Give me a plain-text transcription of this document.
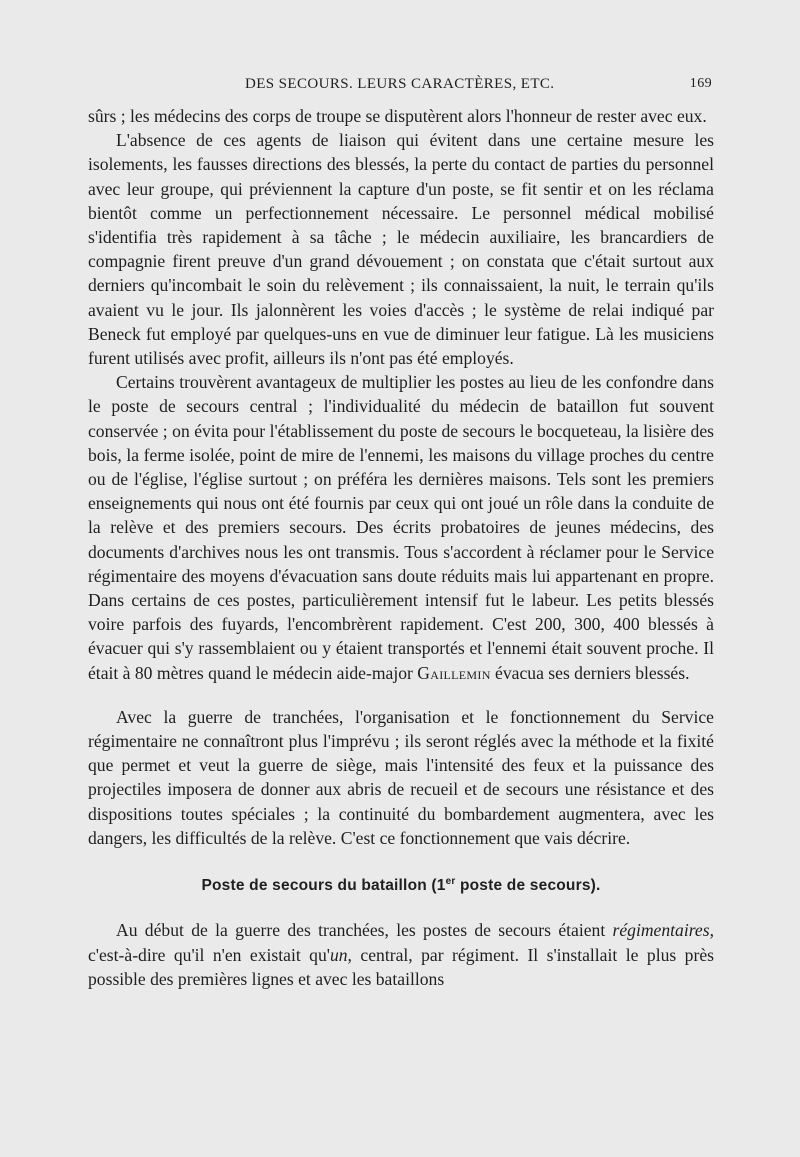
DES SECOURS. LEURS CARACTÈRES, ETC.	169

sûrs ; les médecins des corps de troupe se disputèrent alors l'honneur de rester avec eux.

L'absence de ces agents de liaison qui évitent dans une certaine mesure les isolements, les fausses directions des blessés, la perte du contact de parties du personnel avec leur groupe, qui préviennent la capture d'un poste, se fit sentir et on les réclama bientôt comme un perfectionnement nécessaire. Le personnel médical mobilisé s'identifia très rapidement à sa tâche ; le médecin auxiliaire, les brancardiers de compagnie firent preuve d'un grand dévouement ; on constata que c'était surtout aux derniers qu'incombait le soin du relèvement ; ils connaissaient, la nuit, le terrain qu'ils avaient vu le jour. Ils jalonnèrent les voies d'accès ; le système de relai indiqué par Beneck fut employé par quelques-uns en vue de diminuer leur fatigue. Là les musiciens furent utilisés avec profit, ailleurs ils n'ont pas été employés.

Certains trouvèrent avantageux de multiplier les postes au lieu de les confondre dans le poste de secours central ; l'individualité du médecin de bataillon fut souvent conservée ; on évita pour l'établissement du poste de secours le bocqueteau, la lisière des bois, la ferme isolée, point de mire de l'ennemi, les maisons du village proches du centre ou de l'église, l'église surtout ; on préféra les dernières maisons. Tels sont les premiers enseignements qui nous ont été fournis par ceux qui ont joué un rôle dans la conduite de la relève et des premiers secours. Des écrits probatoires de jeunes médecins, des documents d'archives nous les ont transmis. Tous s'accordent à réclamer pour le Service régimentaire des moyens d'évacuation sans doute réduits mais lui appartenant en propre. Dans certains de ces postes, particulièrement intensif fut le labeur. Les petits blessés voire parfois des fuyards, l'encombrèrent rapidement. C'est 200, 300, 400 blessés à évacuer qui s'y rassemblaient ou y étaient transportés et l'ennemi était souvent proche. Il était à 80 mètres quand le médecin aide-major Gaillemin évacua ses derniers blessés.

Avec la guerre de tranchées, l'organisation et le fonctionnement du Service régimentaire ne connaîtront plus l'imprévu ; ils seront réglés avec la méthode et la fixité que permet et veut la guerre de siège, mais l'intensité des feux et la puissance des projectiles imposera de donner aux abris de recueil et de secours une résistance et des dispositions toutes spéciales ; la continuité du bombardement augmentera, avec les dangers, les difficultés de la relève. C'est ce fonctionnement que vais décrire.

Poste de secours du bataillon (1er poste de secours).

Au début de la guerre des tranchées, les postes de secours étaient régimentaires, c'est-à-dire qu'il n'en existait qu'un, central, par régiment. Il s'installait le plus près possible des premières lignes et avec les bataillons
